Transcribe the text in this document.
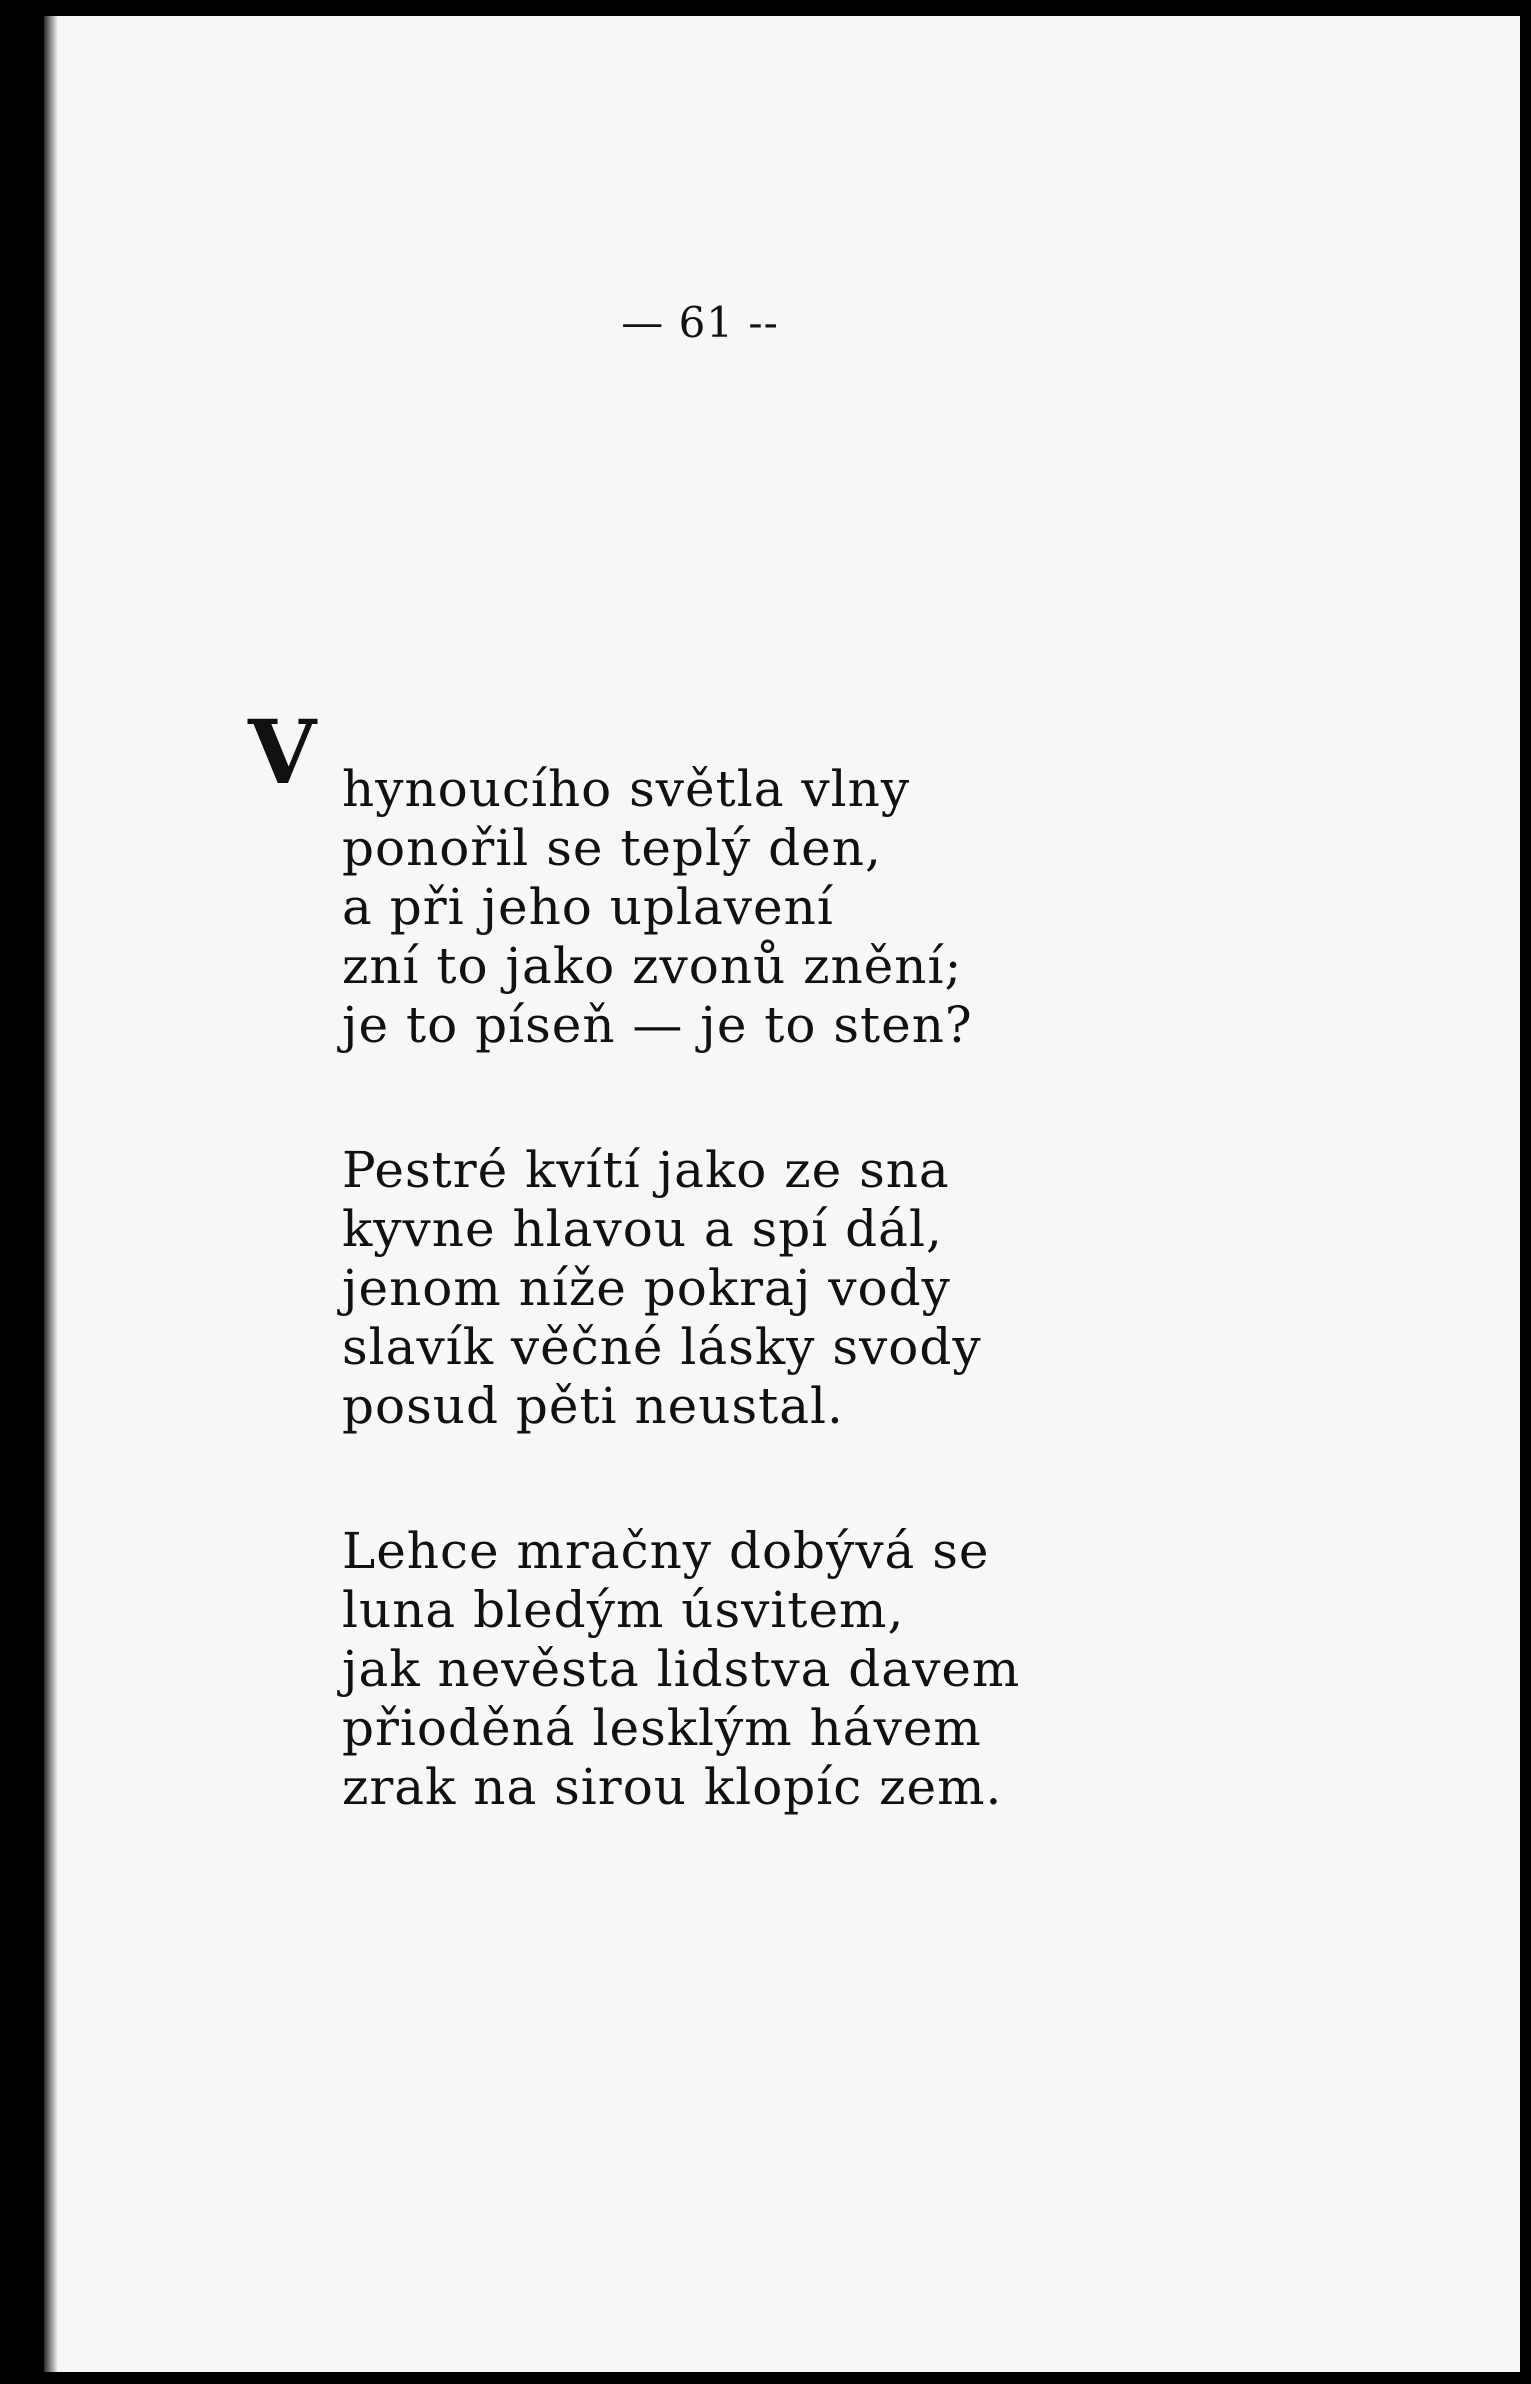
— 61 --
V hynoucího světla vlny
ponořil se teplý den,
a při jeho uplavení
zní to jako zvonů znění;
je to píseň — je to sten?
Pestré kvítí jako ze sna
kyvne hlavou a spí dál,
jenom níže pokraj vody
slavík věčné lásky svody
posud pěti neustal.
Lehce mračny dobývá se
luna bledým úsvitem,
jak nevěsta lidstva davem
přioděná lesklým hávem
zrak na sirou klopíc zem.
